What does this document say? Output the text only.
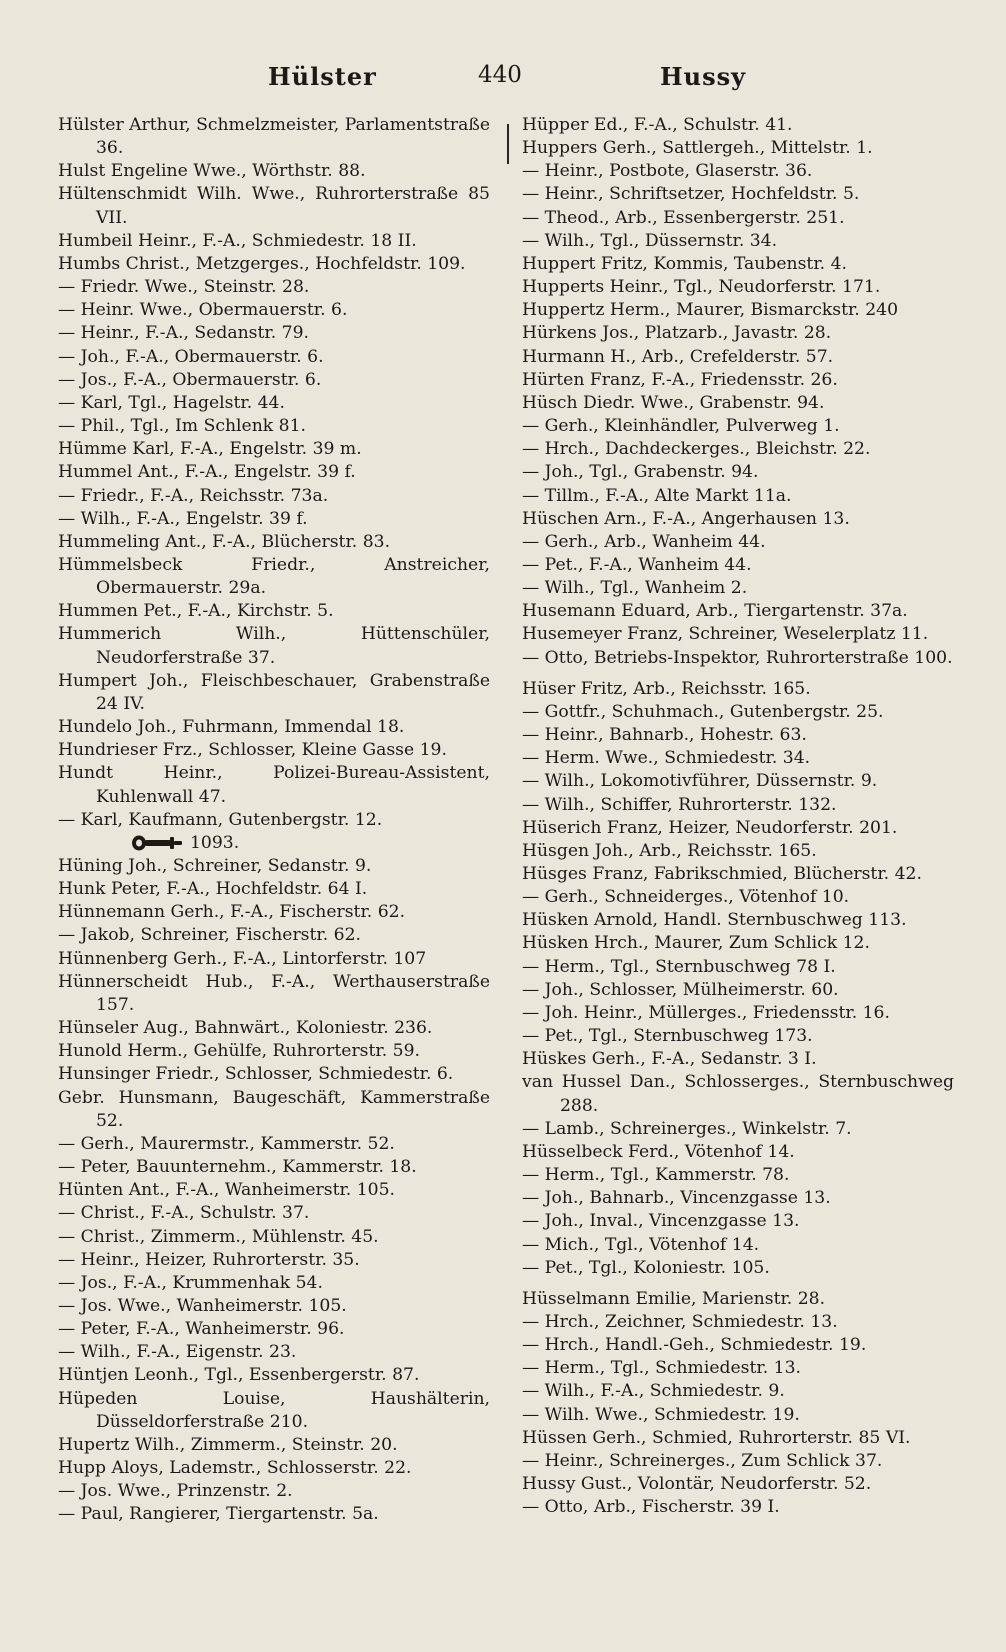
Hülster	440	Hussy
Hülster Arthur, Schmelzmeister, Parlamentstraße 36.
Hulst Engeline Wwe., Wörthstr. 88.
Hültenschmidt Wilh. Wwe., Ruhrorterstraße 85 VII.
Humbeil Heinr., F.-A., Schmiedestr. 18 II.
Humbs Christ., Metzgerges., Hochfeldstr. 109.
— Friedr. Wwe., Steinstr. 28.
— Heinr. Wwe., Obermauerstr. 6.
— Heinr., F.-A., Sedanstr. 79.
— Joh., F.-A., Obermauerstr. 6.
— Jos., F.-A., Obermauerstr. 6.
— Karl, Tgl., Hagelstr. 44.
— Phil., Tgl., Im Schlenk 81.
Hümme Karl, F.-A., Engelstr. 39 m.
Hummel Ant., F.-A., Engelstr. 39 f.
— Friedr., F.-A., Reichsstr. 73a.
— Wilh., F.-A., Engelstr. 39 f.
Hummeling Ant., F.-A., Blücherstr. 83.
Hümmelsbeck Friedr., Anstreicher, Obermauerstr. 29a.
Hummen Pet., F.-A., Kirchstr. 5.
Hummerich Wilh., Hüttenschüler, Neudorferstraße 37.
Humpert Joh., Fleischbeschauer, Grabenstraße 24 IV.
Hundelo Joh., Fuhrmann, Immendal 18.
Hundrieser Frz., Schlosser, Kleine Gasse 19.
Hundt Heinr., Polizei-Bureau-Assistent, Kuhlenwall 47.
— Karl, Kaufmann, Gutenbergstr. 12.
1093.
Hüning Joh., Schreiner, Sedanstr. 9.
Hunk Peter, F.-A., Hochfeldstr. 64 I.
Hünnemann Gerh., F.-A., Fischerstr. 62.
— Jakob, Schreiner, Fischerstr. 62.
Hünnenberg Gerh., F.-A., Lintorferstr. 107
Hünnerscheidt Hub., F.-A., Werthauserstraße 157.
Hünseler Aug., Bahnwärt., Koloniestr. 236.
Hunold Herm., Gehülfe, Ruhrorterstr. 59.
Hunsinger Friedr., Schlosser, Schmiedestr. 6.
Gebr. Hunsmann, Baugeschäft, Kammerstraße 52.
— Gerh., Maurermstr., Kammerstr. 52.
— Peter, Bauunternehm., Kammerstr. 18.
Hünten Ant., F.-A., Wanheimerstr. 105.
— Christ., F.-A., Schulstr. 37.
— Christ., Zimmerm., Mühlenstr. 45.
— Heinr., Heizer, Ruhrorterstr. 35.
— Jos., F.-A., Krummenhak 54.
— Jos. Wwe., Wanheimerstr. 105.
— Peter, F.-A., Wanheimerstr. 96.
— Wilh., F.-A., Eigenstr. 23.
Hüntjen Leonh., Tgl., Essenbergerstr. 87.
Hüpeden Louise, Haushälterin, Düsseldorferstraße 210.
Hupertz Wilh., Zimmerm., Steinstr. 20.
Hupp Aloys, Lademstr., Schlosserstr. 22.
— Jos. Wwe., Prinzenstr. 2.
— Paul, Rangierer, Tiergartenstr. 5a.
Hüpper Ed., F.-A., Schulstr. 41.
Huppers Gerh., Sattlergeh., Mittelstr. 1.
— Heinr., Postbote, Glaserstr. 36.
— Heinr., Schriftsetzer, Hochfeldstr. 5.
— Theod., Arb., Essenbergerstr. 251.
— Wilh., Tgl., Düssernstr. 34.
Huppert Fritz, Kommis, Taubenstr. 4.
Hupperts Heinr., Tgl., Neudorferstr. 171.
Huppertz Herm., Maurer, Bismarckstr. 240
Hürkens Jos., Platzarb., Javastr. 28.
Hurmann H., Arb., Crefelderstr. 57.
Hürten Franz, F.-A., Friedensstr. 26.
Hüsch Diedr. Wwe., Grabenstr. 94.
— Gerh., Kleinhändler, Pulverweg 1.
— Hrch., Dachdeckerges., Bleichstr. 22.
— Joh., Tgl., Grabenstr. 94.
— Tillm., F.-A., Alte Markt 11a.
Hüschen Arn., F.-A., Angerhausen 13.
— Gerh., Arb., Wanheim 44.
— Pet., F.-A., Wanheim 44.
— Wilh., Tgl., Wanheim 2.
Husemann Eduard, Arb., Tiergartenstr. 37a.
Husemeyer Franz, Schreiner, Weselerplatz 11.
— Otto, Betriebs-Inspektor, Ruhrorterstraße 100.
Hüser Fritz, Arb., Reichsstr. 165.
— Gottfr., Schuhmach., Gutenbergstr. 25.
— Heinr., Bahnarb., Hohestr. 63.
— Herm. Wwe., Schmiedestr. 34.
— Wilh., Lokomotivführer, Düssernstr. 9.
— Wilh., Schiffer, Ruhrorterstr. 132.
Hüserich Franz, Heizer, Neudorferstr. 201.
Hüsgen Joh., Arb., Reichsstr. 165.
Hüsges Franz, Fabrikschmied, Blücherstr. 42.
— Gerh., Schneiderges., Vötenhof 10.
Hüsken Arnold, Handl. Sternbuschweg 113.
Hüsken Hrch., Maurer, Zum Schlick 12.
— Herm., Tgl., Sternbuschweg 78 I.
— Joh., Schlosser, Mülheimerstr. 60.
— Joh. Heinr., Müllerges., Friedensstr. 16.
— Pet., Tgl., Sternbuschweg 173.
Hüskes Gerh., F.-A., Sedanstr. 3 I.
van Hussel Dan., Schlosserges., Sternbuschweg 288.
— Lamb., Schreinerges., Winkelstr. 7.
Hüsselbeck Ferd., Vötenhof 14.
— Herm., Tgl., Kammerstr. 78.
— Joh., Bahnarb., Vincenzgasse 13.
— Joh., Inval., Vincenzgasse 13.
— Mich., Tgl., Vötenhof 14.
— Pet., Tgl., Koloniestr. 105.
Hüsselmann Emilie, Marienstr. 28.
— Hrch., Zeichner, Schmiedestr. 13.
— Hrch., Handl.-Geh., Schmiedestr. 19.
— Herm., Tgl., Schmiedestr. 13.
— Wilh., F.-A., Schmiedestr. 9.
— Wilh. Wwe., Schmiedestr. 19.
Hüssen Gerh., Schmied, Ruhrorterstr. 85 VI.
— Heinr., Schreinerges., Zum Schlick 37.
Hussy Gust., Volontär, Neudorferstr. 52.
— Otto, Arb., Fischerstr. 39 I.
